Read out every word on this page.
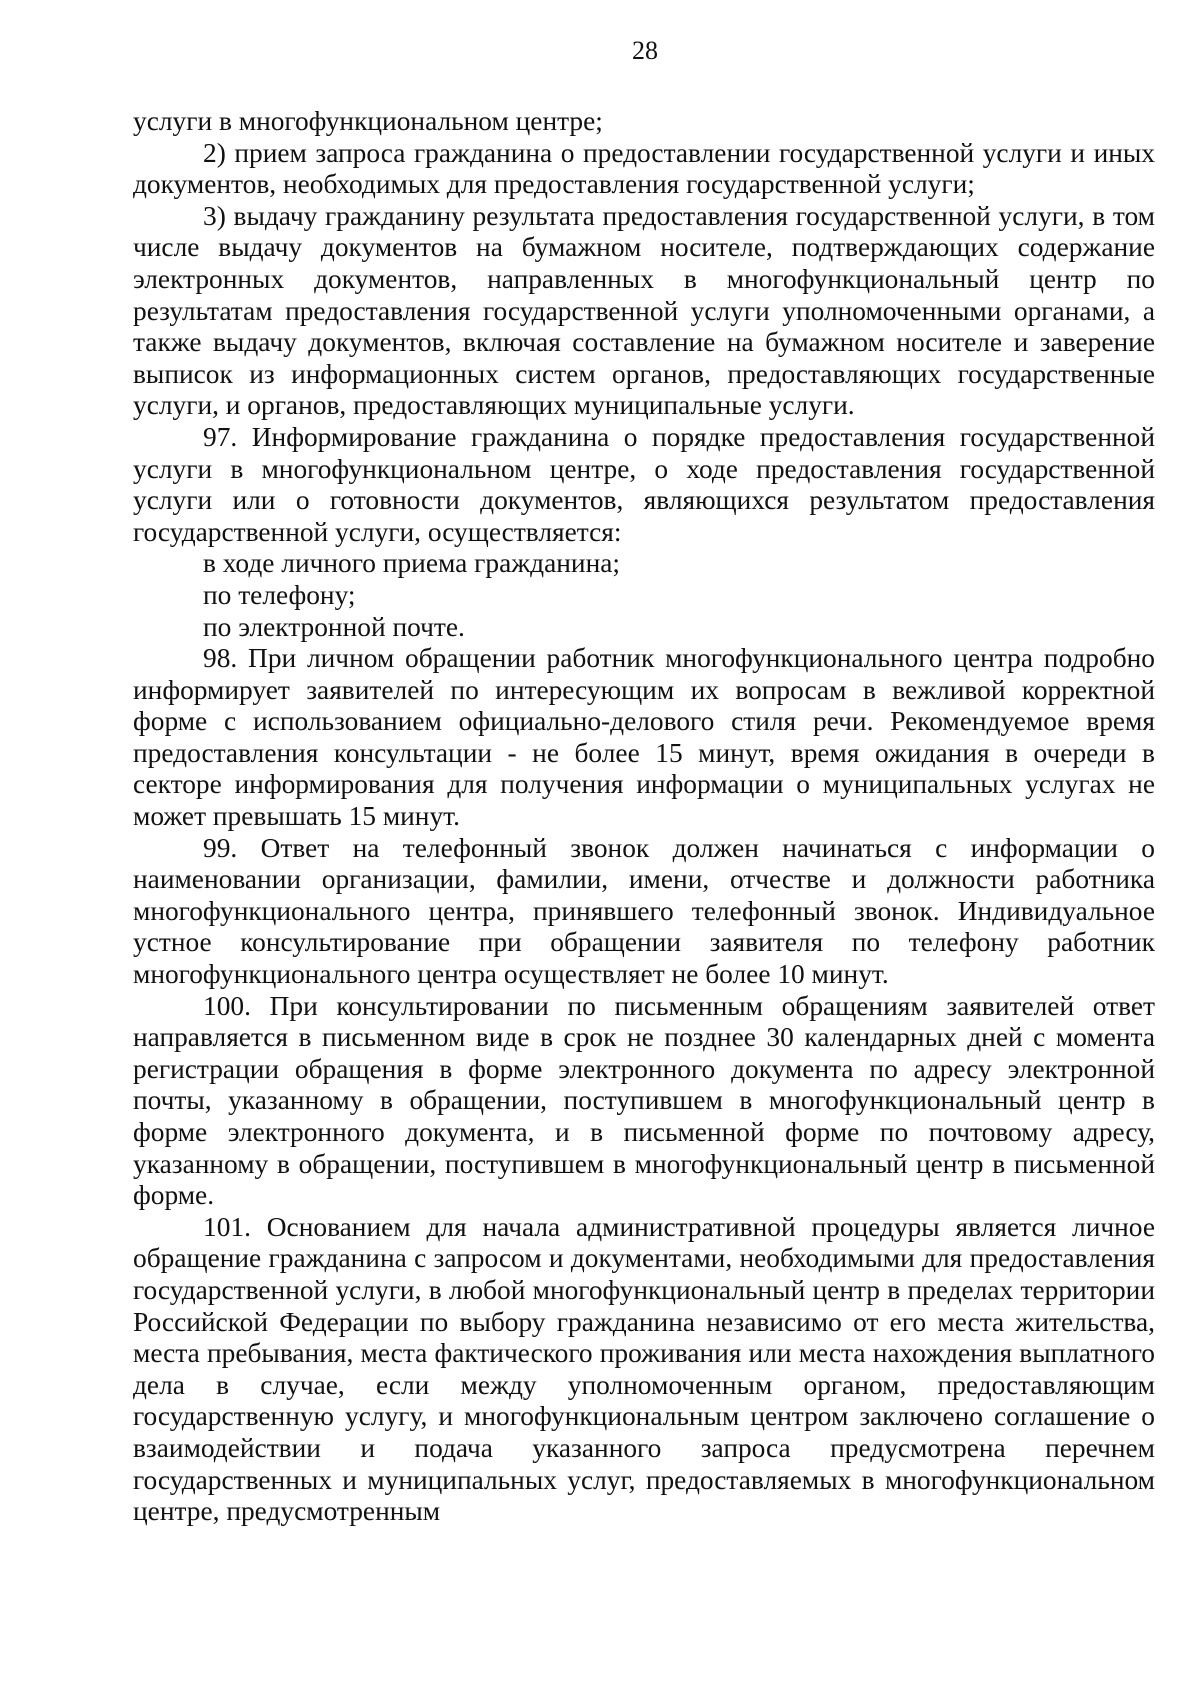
28

услуги в многофункциональном центре;

2) прием запроса гражданина о предоставлении государственной услуги и иных документов, необходимых для предоставления государственной услуги;

3) выдачу гражданину результата предоставления государственной услуги, в том числе выдачу документов на бумажном носителе, подтверждающих содержание электронных документов, направленных в многофункциональный центр по результатам предоставления государственной услуги уполномоченными органами, а также выдачу документов, включая составление на бумажном носителе и заверение выписок из информационных систем органов, предоставляющих государственные услуги, и органов, предоставляющих муниципальные услуги.

97. Информирование гражданина о порядке предоставления государственной услуги в многофункциональном центре, о ходе предоставления государственной услуги или о готовности документов, являющихся результатом предоставления государственной услуги, осуществляется:

в ходе личного приема гражданина;

по телефону;

по электронной почте.

98. При личном обращении работник многофункционального центра подробно информирует заявителей по интересующим их вопросам в вежливой корректной форме с использованием официально-делового стиля речи. Рекомендуемое время предоставления консультации - не более 15 минут, время ожидания в очереди в секторе информирования для получения информации о муниципальных услугах не может превышать 15 минут.

99. Ответ на телефонный звонок должен начинаться с информации о наименовании организации, фамилии, имени, отчестве и должности работника многофункционального центра, принявшего телефонный звонок. Индивидуальное устное консультирование при обращении заявителя по телефону работник многофункционального центра осуществляет не более 10 минут.

100. При консультировании по письменным обращениям заявителей ответ направляется в письменном виде в срок не позднее 30 календарных дней с момента регистрации обращения в форме электронного документа по адресу электронной почты, указанному в обращении, поступившем в многофункциональный центр в форме электронного документа, и в письменной форме по почтовому адресу, указанному в обращении, поступившем в многофункциональный центр в письменной форме.

101. Основанием для начала административной процедуры является личное обращение гражданина с запросом и документами, необходимыми для предоставления государственной услуги, в любой многофункциональный центр в пределах территории Российской Федерации по выбору гражданина независимо от его места жительства, места пребывания, места фактического проживания или места нахождения выплатного дела в случае, если между уполномоченным органом, предоставляющим государственную услугу, и многофункциональным центром заключено соглашение о взаимодействии и подача указанного запроса предусмотрена перечнем государственных и муниципальных услуг, предоставляемых в многофункциональном центре, предусмотренным
